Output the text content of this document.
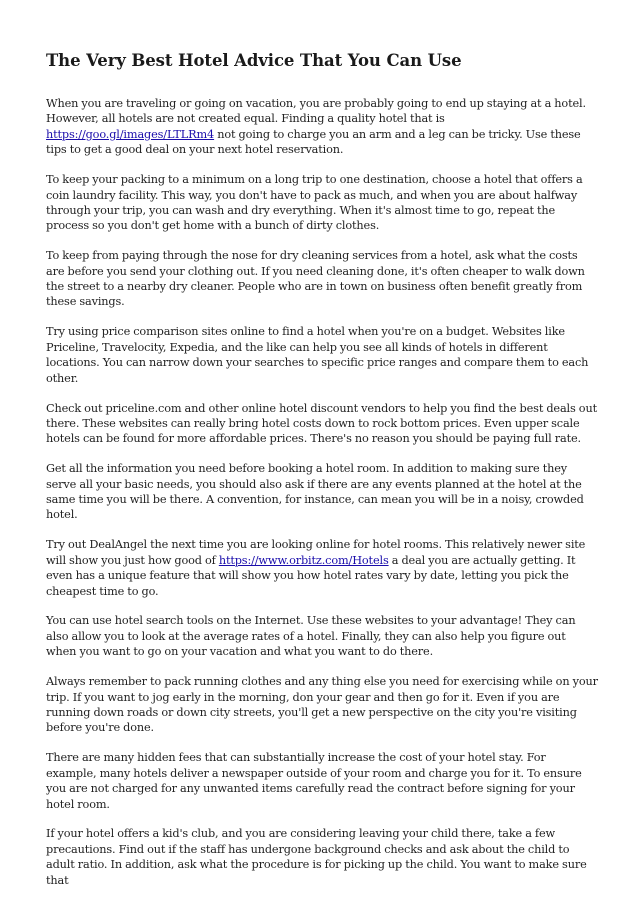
The Very Best Hotel Advice That You Can Use

When you are traveling or going on vacation, you are probably going to end up staying at a hotel. However, all hotels are not created equal. Finding a quality hotel that is https://goo.gl/images/LTLRm4 not going to charge you an arm and a leg can be tricky. Use these tips to get a good deal on your next hotel reservation.

To keep your packing to a minimum on a long trip to one destination, choose a hotel that offers a coin laundry facility. This way, you don't have to pack as much, and when you are about halfway through your trip, you can wash and dry everything. When it's almost time to go, repeat the process so you don't get home with a bunch of dirty clothes.

To keep from paying through the nose for dry cleaning services from a hotel, ask what the costs are before you send your clothing out. If you need cleaning done, it's often cheaper to walk down the street to a nearby dry cleaner. People who are in town on business often benefit greatly from these savings.

Try using price comparison sites online to find a hotel when you're on a budget. Websites like Priceline, Travelocity, Expedia, and the like can help you see all kinds of hotels in different locations. You can narrow down your searches to specific price ranges and compare them to each other.

Check out priceline.com and other online hotel discount vendors to help you find the best deals out there. These websites can really bring hotel costs down to rock bottom prices. Even upper scale hotels can be found for more affordable prices. There's no reason you should be paying full rate.

Get all the information you need before booking a hotel room. In addition to making sure they serve all your basic needs, you should also ask if there are any events planned at the hotel at the same time you will be there. A convention, for instance, can mean you will be in a noisy, crowded hotel.

Try out DealAngel the next time you are looking online for hotel rooms. This relatively newer site will show you just how good of https://www.orbitz.com/Hotels a deal you are actually getting. It even has a unique feature that will show you how hotel rates vary by date, letting you pick the cheapest time to go.

You can use hotel search tools on the Internet. Use these websites to your advantage! They can also allow you to look at the average rates of a hotel. Finally, they can also help you figure out when you want to go on your vacation and what you want to do there.

Always remember to pack running clothes and any thing else you need for exercising while on your trip. If you want to jog early in the morning, don your gear and then go for it. Even if you are running down roads or down city streets, you'll get a new perspective on the city you're visiting before you're done.

There are many hidden fees that can substantially increase the cost of your hotel stay. For example, many hotels deliver a newspaper outside of your room and charge you for it. To ensure you are not charged for any unwanted items carefully read the contract before signing for your hotel room.

If your hotel offers a kid's club, and you are considering leaving your child there, take a few precautions. Find out if the staff has undergone background checks and ask about the child to adult ratio. In addition, ask what the procedure is for picking up the child. You want to make sure that
